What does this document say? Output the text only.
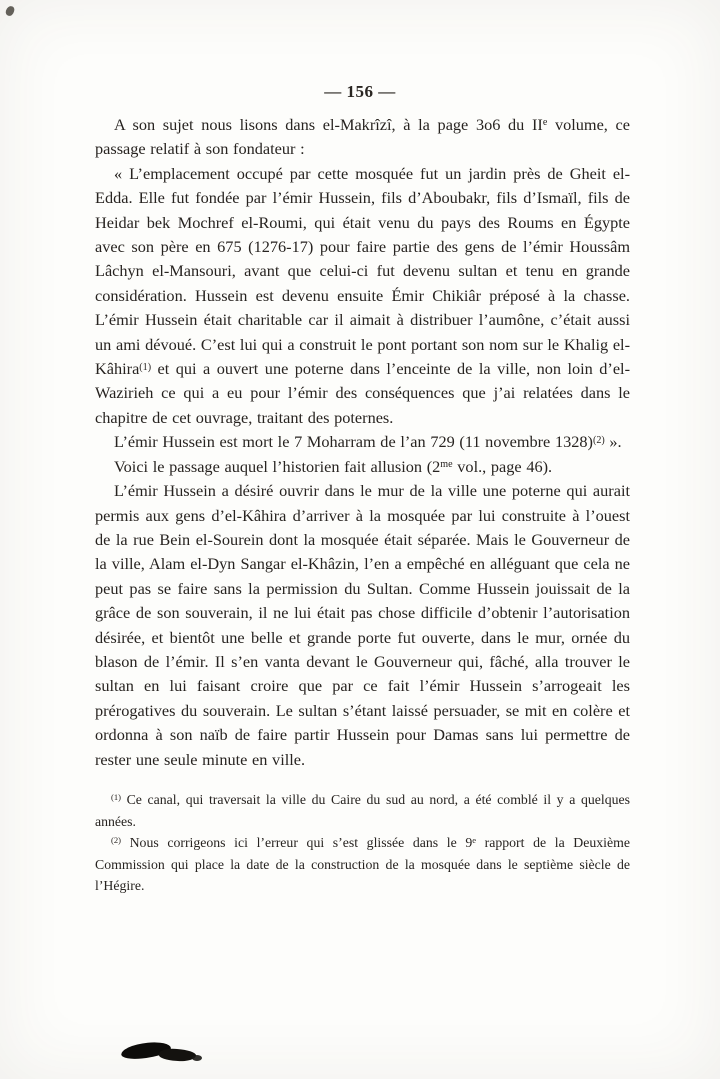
— 156 —

A son sujet nous lisons dans el-Makrîzî, à la page 3o6 du IIe volume, ce passage relatif à son fondateur :

« L’emplacement occupé par cette mosquée fut un jardin près de Gheit el-Edda. Elle fut fondée par l’émir Hussein, fils d’Aboubakr, fils d’Ismaïl, fils de Heidar bek Mochref el-Roumi, qui était venu du pays des Roums en Égypte avec son père en 675 (1276-17) pour faire partie des gens de l’émir Houssâm Lâchyn el-Mansouri, avant que celui-ci fut devenu sultan et tenu en grande considération. Hussein est devenu ensuite Émir Chikiâr préposé à la chasse. L’émir Hussein était charitable car il aimait à distribuer l’aumône, c’était aussi un ami dévoué. C’est lui qui a construit le pont portant son nom sur le Khalig el-Kâhira$^{(1)}$ et qui a ouvert une poterne dans l’enceinte de la ville, non loin d’el-Wazirieh ce qui a eu pour l’émir des conséquences que j’ai relatées dans le chapitre de cet ouvrage, traitant des poternes.

L’émir Hussein est mort le 7 Moharram de l’an 729 (11 novembre 1328)$^{(2)}$ ».

Voici le passage auquel l’historien fait allusion ($2^{me}$ vol., page 46).

L’émir Hussein a désiré ouvrir dans le mur de la ville une poterne qui aurait permis aux gens d’el-Kâhira d’arriver à la mosquée par lui construite à l’ouest de la rue Bein el-Sourein dont la mosquée était séparée. Mais le Gouverneur de la ville, Alam el-Dyn Sangar el-Khâzin, l’en a empêché en alléguant que cela ne peut pas se faire sans la permission du Sultan. Comme Hussein jouissait de la grâce de son souverain, il ne lui était pas chose difficile d’obtenir l’autorisation désirée, et bientôt une belle et grande porte fut ouverte, dans le mur, ornée du blason de l’émir. Il s’en vanta devant le Gouverneur qui, fâché, alla trouver le sultan en lui faisant croire que par ce fait l’émir Hussein s’arrogeait les prérogatives du souverain. Le sultan s’étant laissé persuader, se mit en colère et ordonna à son naïb de faire partir Hussein pour Damas sans lui permettre de rester une seule minute en ville.

$^{(1)}$ Ce canal, qui traversait la ville du Caire du sud au nord, a été comblé il y a quelques années.

$^{(2)}$ Nous corrigeons ici l’erreur qui s’est glissée dans le 9e rapport de la Deuxième Commission qui place la date de la construction de la mosquée dans le septième siècle de l’Hégire.
